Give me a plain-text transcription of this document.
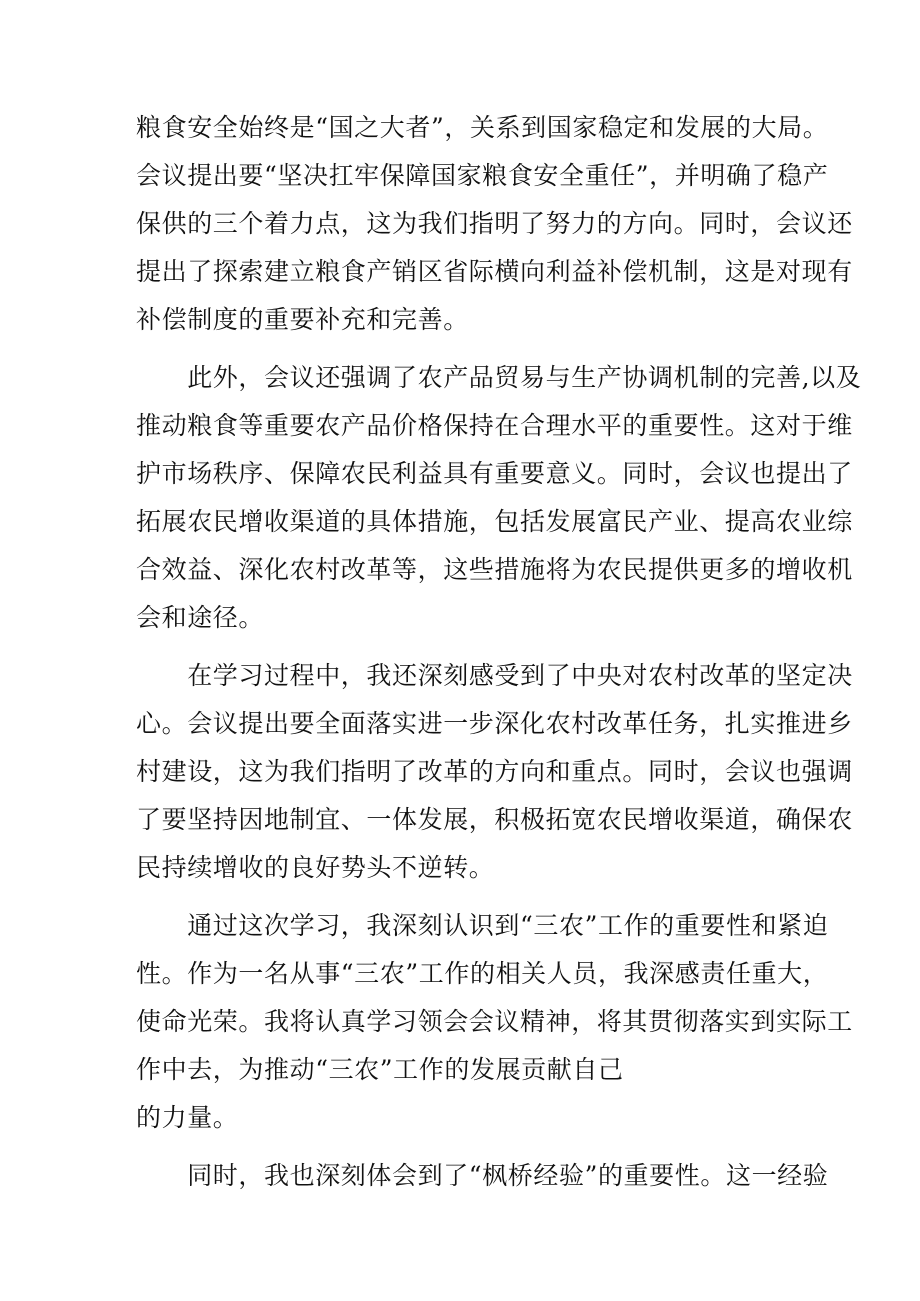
粮食安全始终是“国之大者”，关系到国家稳定和发展的大局。
会议提出要“坚决扛牢保障国家粮食安全重任”，并明确了稳产
保供的三个着力点，这为我们指明了努力的方向。同时，会议还
提出了探索建立粮食产销区省际横向利益补偿机制，这是对现有
补偿制度的重要补充和完善。
　　此外，会议还强调了农产品贸易与生产协调机制的完善,以及
推动粮食等重要农产品价格保持在合理水平的重要性。这对于维
护市场秩序、保障农民利益具有重要意义。同时，会议也提出了
拓展农民增收渠道的具体措施，包括发展富民产业、提高农业综
合效益、深化农村改革等，这些措施将为农民提供更多的增收机
会和途径。
　　在学习过程中，我还深刻感受到了中央对农村改革的坚定决
心。会议提出要全面落实进一步深化农村改革任务，扎实推进乡
村建设，这为我们指明了改革的方向和重点。同时，会议也强调
了要坚持因地制宜、一体发展，积极拓宽农民增收渠道，确保农
民持续增收的良好势头不逆转。
　　通过这次学习，我深刻认识到“三农”工作的重要性和紧迫
性。作为一名从事“三农”工作的相关人员，我深感责任重大，
使命光荣。我将认真学习领会会议精神，将其贯彻落实到实际工
作中去，为推动“三农”工作的发展贡献自己
的力量。
　　同时，我也深刻体会到了“枫桥经验”的重要性。这一经验
